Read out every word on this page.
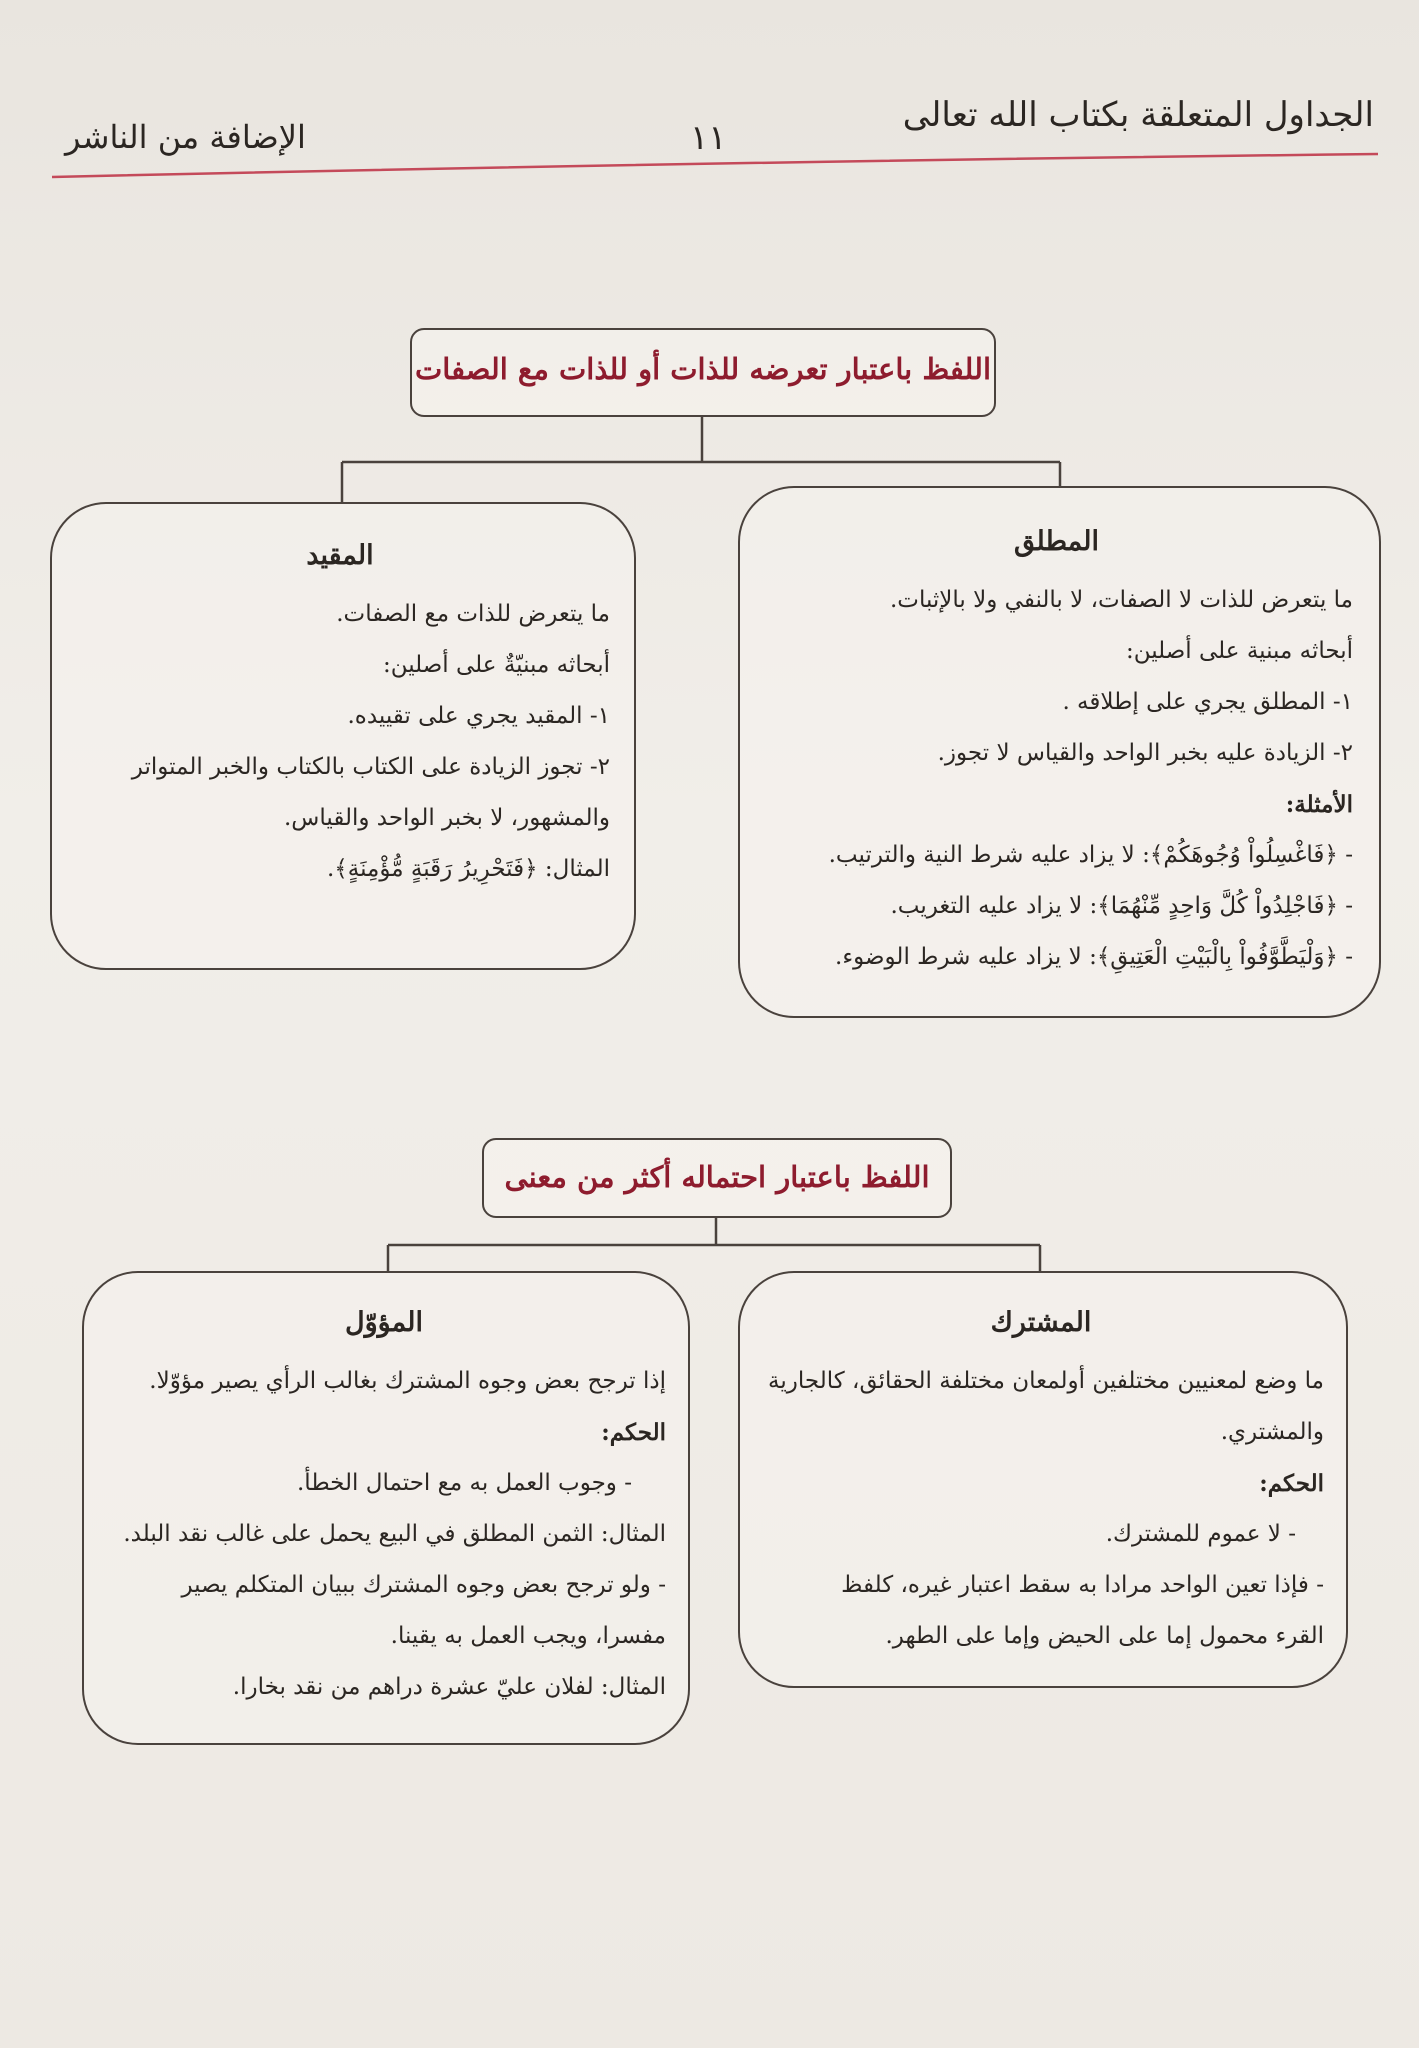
الجداول المتعلقة بكتاب الله تعالى
١١
الإضافة من الناشر
اللفظ باعتبار تعرضه للذات أو للذات مع الصفات
المطلق
ما يتعرض للذات لا الصفات، لا بالنفي ولا بالإثبات.
أبحاثه مبنية على أصلين:
١- المطلق يجري على إطلاقه .
٢- الزيادة عليه بخبر الواحد والقياس لا تجوز.
الأمثلة:
- ﴿فَاغْسِلُواْ وُجُوهَكُمْ﴾: لا يزاد عليه شرط النية والترتيب.
- ﴿فَاجْلِدُواْ كُلَّ وَاحِدٍ مِّنْهُمَا﴾: لا يزاد عليه التغريب.
- ﴿وَلْيَطَّوَّفُواْ بِالْبَيْتِ الْعَتِيقِ﴾: لا يزاد عليه شرط الوضوء.
المقيد
ما يتعرض للذات مع الصفات.
أبحاثه مبنيّةٌ على أصلين:
١- المقيد يجري على تقييده.
٢- تجوز الزيادة على الكتاب بالكتاب والخبر المتواتر
والمشهور، لا بخبر الواحد والقياس.
المثال: ﴿فَتَحْرِيرُ رَقَبَةٍ مُّؤْمِنَةٍ﴾.
اللفظ باعتبار احتماله أكثر من معنى
المشترك
ما وضع لمعنيين مختلفين أولمعان مختلفة الحقائق، كالجارية
والمشتري.
الحكم:
- لا عموم للمشترك.
- فإذا تعين الواحد مرادا به سقط اعتبار غيره، كلفظ
القرء محمول إما على الحيض وإما على الطهر.
المؤوّل
إذا ترجح بعض وجوه المشترك بغالب الرأي يصير مؤوّلا.
الحكم:
- وجوب العمل به مع احتمال الخطأ.
المثال: الثمن المطلق في البيع يحمل على غالب نقد البلد.
- ولو ترجح بعض وجوه المشترك ببيان المتكلم يصير
مفسرا، ويجب العمل به يقينا.
المثال: لفلان عليّ عشرة دراهم من نقد بخارا.
